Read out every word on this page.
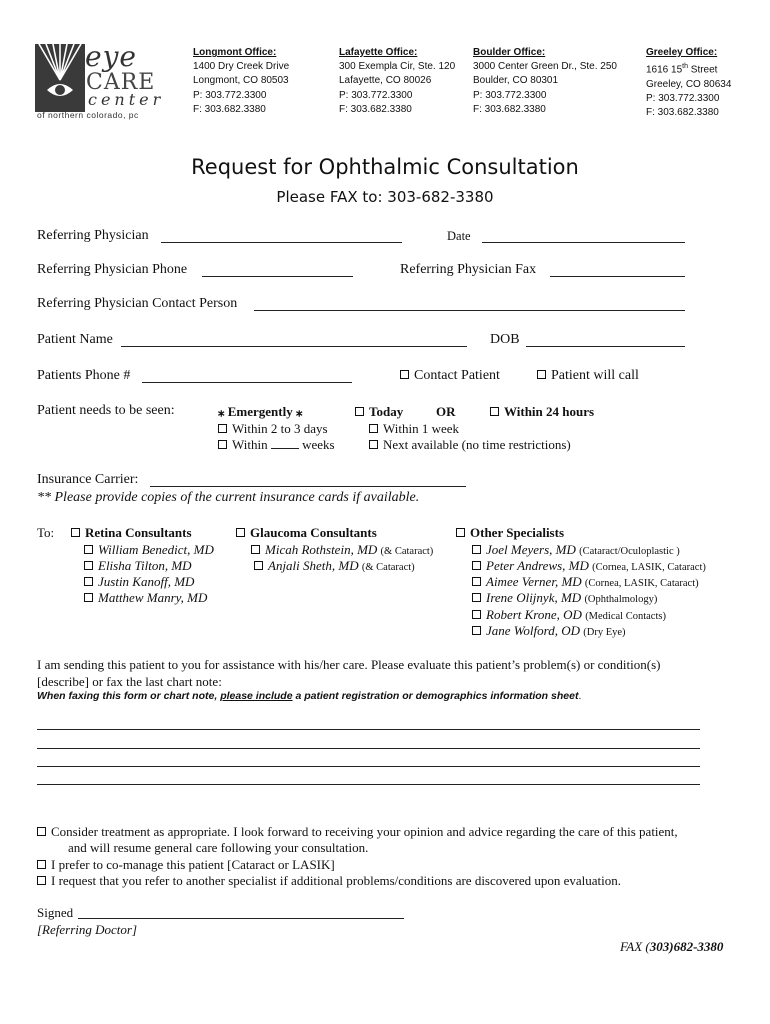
eye
CARE
center
of northern colorado, pc
Longmont Office:
1400 Dry Creek Drive
Longmont, CO 80503
P: 303.772.3300
F: 303.682.3380
Lafayette Office:
300 Exempla Cir, Ste. 120
Lafayette, CO 80026
P: 303.772.3300
F: 303.682.3380
Boulder Office:
3000 Center Green Dr., Ste. 250
Boulder, CO 80301
P: 303.772.3300
F: 303.682.3380
Greeley Office:
1616 15th Street
Greeley, CO 80634
P: 303.772.3300
F: 303.682.3380
Request for Ophthalmic Consultation
Please FAX to: 303-682-3380
Referring Physician	Date
Referring Physician Phone	Referring Physician Fax
Referring Physician Contact Person
Patient Name	DOB
Patients Phone #	Contact Patient	Patient will call
Patient needs to be seen:	⁎ Emergently ⁎	Today	OR	Within 24 hours
Within 2 to 3 days	Within 1 week
Within	weeks	Next available (no time restrictions)
Insurance Carrier:
** Please provide copies of the current insurance cards if available.
To:	Retina Consultants
William Benedict, MD
Elisha Tilton, MD
Justin Kanoff, MD
Matthew Manry, MD
Glaucoma Consultants
Micah Rothstein, MD (& Cataract)
Anjali Sheth, MD (& Cataract)
Other Specialists
Joel Meyers, MD (Cataract/Oculoplastic )
Peter Andrews, MD (Cornea, LASIK, Cataract)
Aimee Verner, MD (Cornea, LASIK, Cataract)
Irene Olijnyk, MD (Ophthalmology)
Robert Krone, OD (Medical Contacts)
Jane Wolford, OD (Dry Eye)
I am sending this patient to you for assistance with his/her care. Please evaluate this patient’s problem(s) or condition(s)
[describe] or fax the last chart note:
When faxing this form or chart note, please include a patient registration or demographics information sheet.
Consider treatment as appropriate. I look forward to receiving your opinion and advice regarding the care of this patient,
and will resume general care following your consultation.
I prefer to co-manage this patient [Cataract or LASIK]
I request that you refer to another specialist if additional problems/conditions are discovered upon evaluation.
Signed
[Referring Doctor]
FAX (303)682-3380
